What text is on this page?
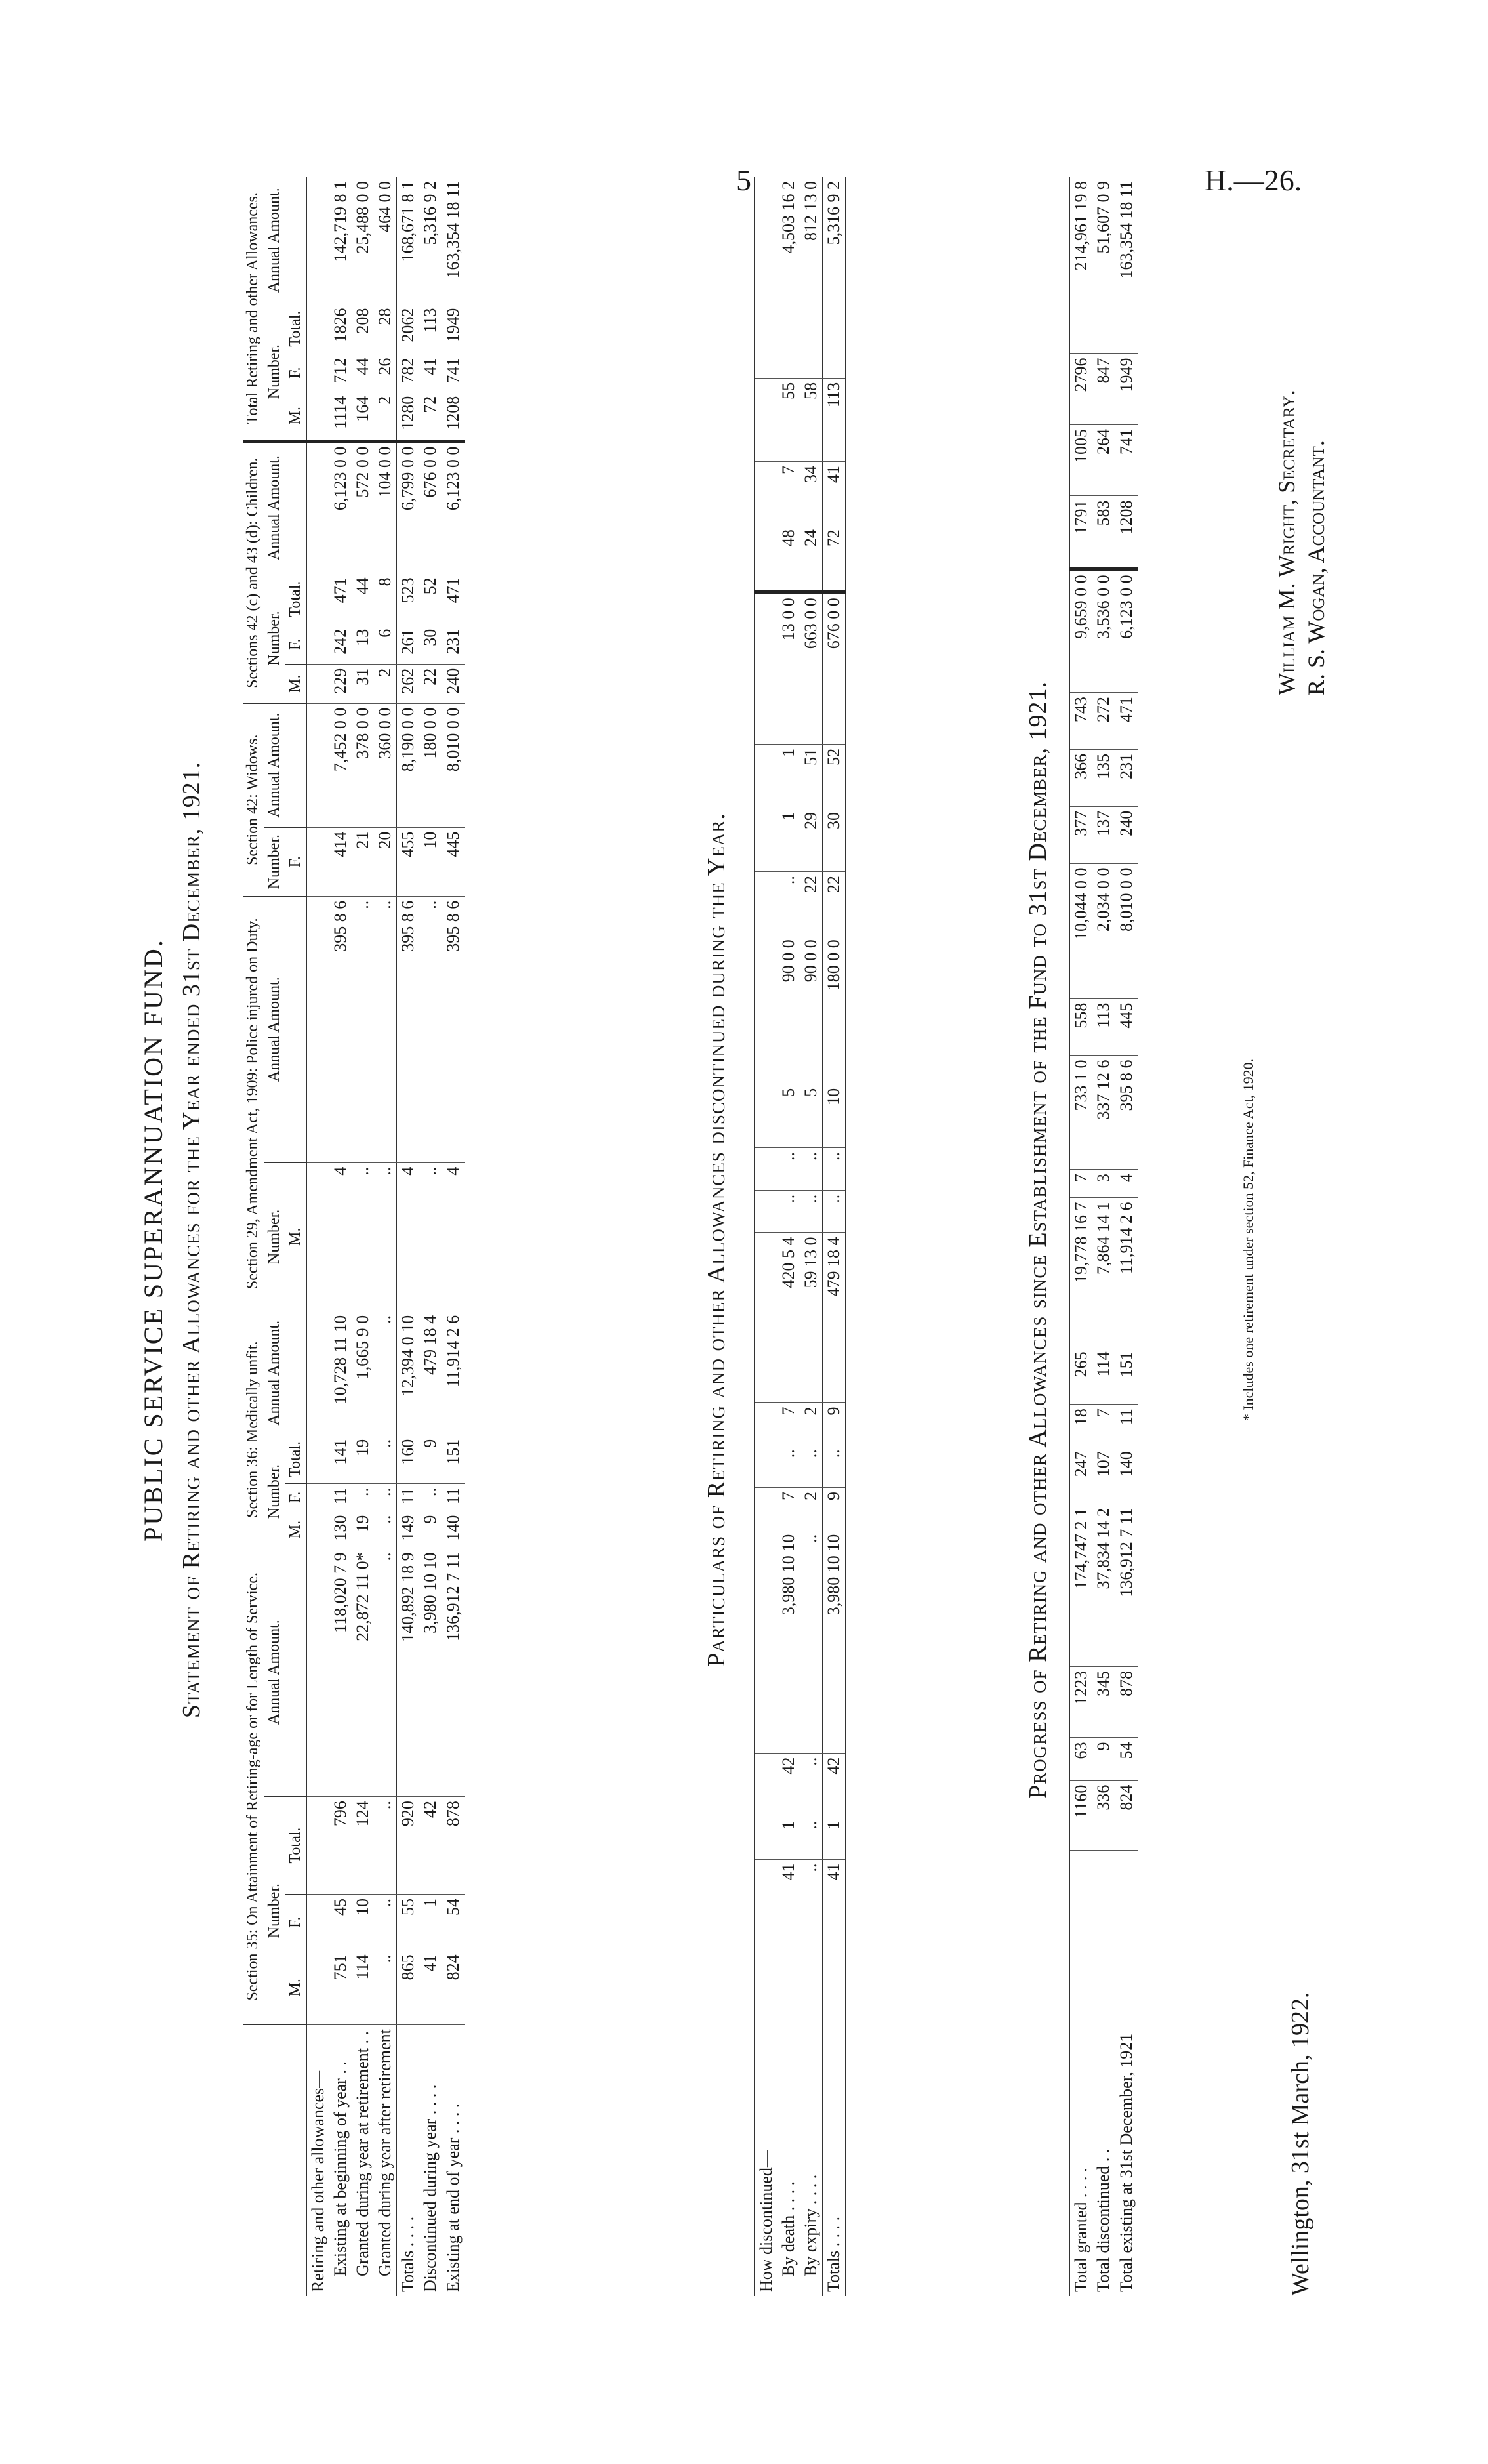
5	H.—26.
PUBLIC SERVICE SUPERANNUATION FUND. Statement of Retiring and other Allowances for the Year ended 31st December, 1921.
	Section 35: On Attainment of Retiring-age or for Length of Service.				Section 36: Medically unfit.				Section 29, Amendment Act, 1909: Police injured on Duty.		Section 42: Widows.		Sections 42 (c) and 43 (d): Children.				Total Retiring and other Allowances.			
	Number.			Annual Amount.	Number.			Annual Amount.	Number.	Annual Amount.	Number.	Annual Amount.	Number.			Annual Amount.	Number.			Annual Amount.
	M.	F.	Total.		M.	F.	Total.		M.		F.		M.	F.	Total.		M.	F.	Total.	
Retiring and other allowances—																				
Existing at beginning of year . .	751	45	796	118,020 7 9	130	11	141	10,728 11 10	4	395 8 6	414	7,452 0 0	229	242	471	6,123 0 0	1114	712	1826	142,719 8 1
Granted during year at retirement . .	114	10	124	22,872 11 0*	19	..	19	1,665 9 0	..	..	21	378 0 0	31	13	44	572 0 0	164	44	208	25,488 0 0
Granted during year after retirement	..	..	..	..	..	..	..	..	..	..	20	360 0 0	2	6	8	104 0 0	2	26	28	464 0 0
Totals . . . .	865	55	920	140,892 18 9	149	11	160	12,394 0 10	4	395 8 6	455	8,190 0 0	262	261	523	6,799 0 0	1280	782	2062	168,671 8 1
Discontinued during year . . . .	41	1	42	3,980 10 10	9	..	9	479 18 4	..	..	10	180 0 0	22	30	52	676 0 0	72	41	113	5,316 9 2
Existing at end of year . . . .	824	54	878	136,912 7 11	140	11	151	11,914 2 6	4	395 8 6	445	8,010 0 0	240	231	471	6,123 0 0	1208	741	1949	163,354 18 11
Particulars of Retiring and other Allowances discontinued during the Year.
How discontinued—																				
By death . . . .	41	1	42	3,980 10 10	7	..	7	420 5 4	..	..	5	90 0 0	..	1	1	13 0 0	48	7	55	4,503 16 2
By expiry . . . .	..	..	..	..	2	..	2	59 13 0	..	..	5	90 0 0	22	29	51	663 0 0	24	34	58	812 13 0
Totals . . . .	41	1	42	3,980 10 10	9	..	9	479 18 4	..	..	10	180 0 0	22	30	52	676 0 0	72	41	113	5,316 9 2
Progress of Retiring and other Allowances since Establishment of the Fund to 31st December, 1921.
Total granted . . . .	1160	63	1223	174,747 2 1	247	18	265	19,778 16 7	7	733 1 0	558	10,044 0 0	377	366	743	9,659 0 0	1791	1005	2796	214,961 19 8
Total discontinued . .	336	9	345	37,834 14 2	107	7	114	7,864 14 1	3	337 12 6	113	2,034 0 0	137	135	272	3,536 0 0	583	264	847	51,607 0 9
Total existing at 31st December, 1921	824	54	878	136,912 7 11	140	11	151	11,914 2 6	4	395 8 6	445	8,010 0 0	240	231	471	6,123 0 0	1208	741	1949	163,354 18 11
* Includes one retirement under section 52, Finance Act, 1920.
Wellington, 31st March, 1922.
William M. Wright, Secretary. R. S. Wogan, Accountant.
